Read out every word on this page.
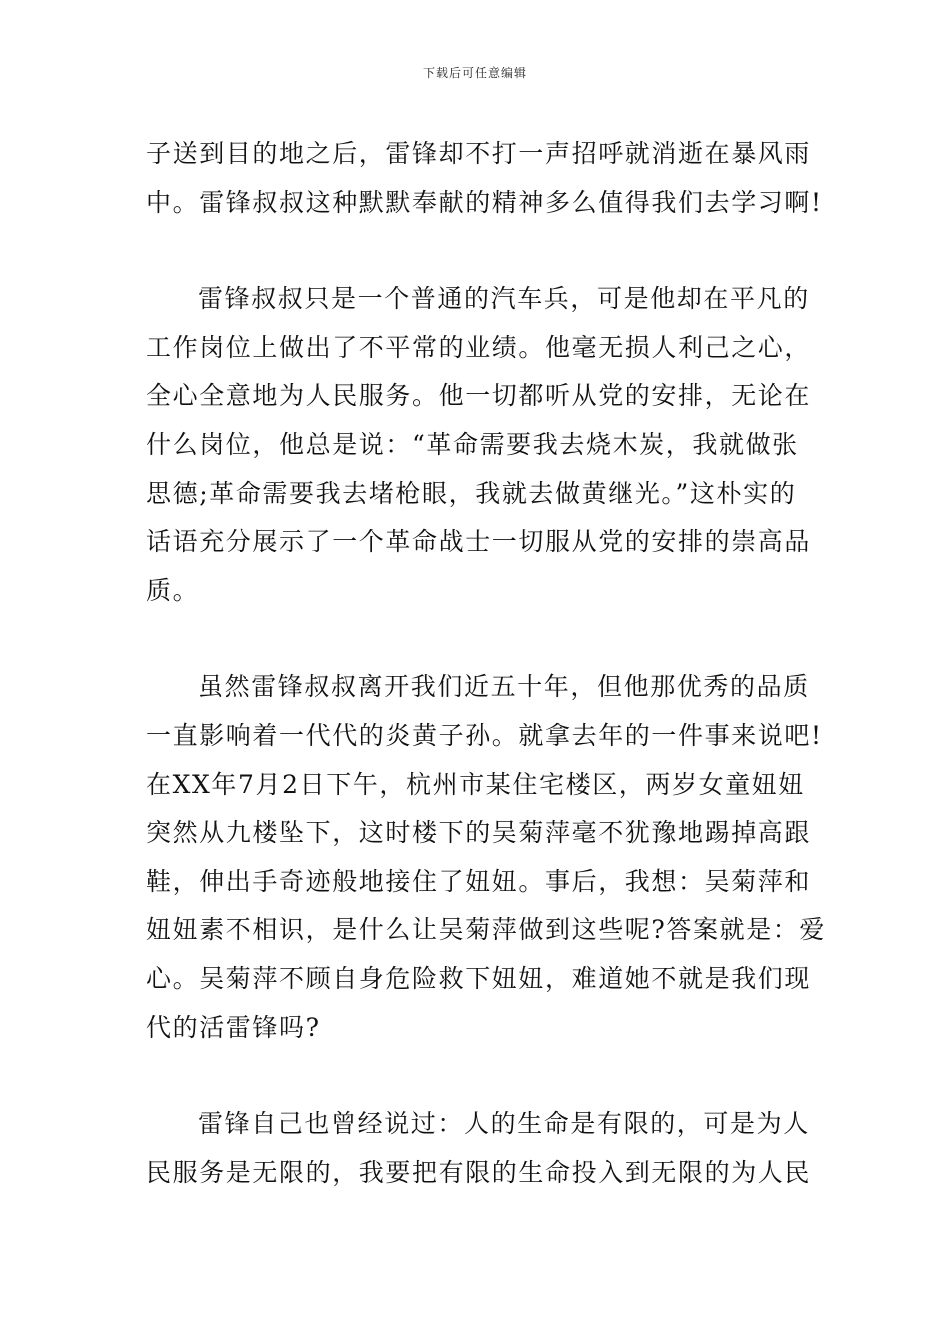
下载后可任意编辑
子送到目的地之后，雷锋却不打一声招呼就消逝在暴风雨
中。雷锋叔叔这种默默奉献的精神多么值得我们去学习啊!
雷锋叔叔只是一个普通的汽车兵，可是他却在平凡的
工作岗位上做出了不平常的业绩。他毫无损人利己之心，
全心全意地为人民服务。他一切都听从党的安排，无论在
什么岗位，他总是说：“革命需要我去烧木炭，我就做张
思德;革命需要我去堵枪眼，我就去做黄继光。”这朴实的
话语充分展示了一个革命战士一切服从党的安排的崇高品
质。
虽然雷锋叔叔离开我们近五十年，但他那优秀的品质
一直影响着一代代的炎黄子孙。就拿去年的一件事来说吧!
在XX年7月2日下午，杭州市某住宅楼区，两岁女童妞妞
突然从九楼坠下，这时楼下的吴菊萍毫不犹豫地踢掉高跟
鞋，伸出手奇迹般地接住了妞妞。事后，我想：吴菊萍和
妞妞素不相识，是什么让吴菊萍做到这些呢?答案就是：爱
心。吴菊萍不顾自身危险救下妞妞，难道她不就是我们现
代的活雷锋吗?
雷锋自己也曾经说过：人的生命是有限的，可是为人
民服务是无限的，我要把有限的生命投入到无限的为人民
